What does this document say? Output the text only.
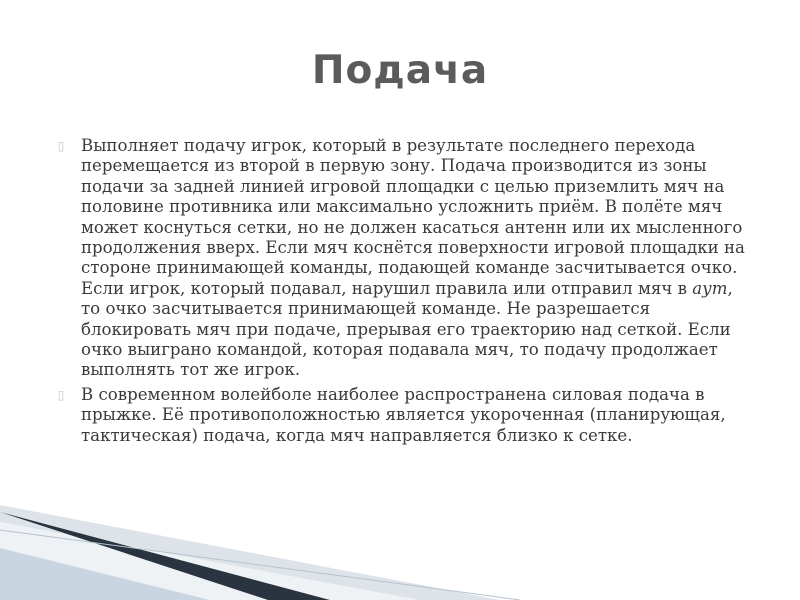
Подача
▯ Выполняет подачу игрок, который в результате последнего перехода перемещается из второй в первую зону. Подача производится из зоны подачи за задней линией игровой площадки с целью приземлить мяч на половине противника или максимально усложнить приём. В полёте мяч может коснуться сетки, но не должен касаться антенн или их мысленного продолжения вверх. Если мяч коснётся поверхности игровой площадки на стороне принимающей команды, подающей команде засчитывается очко. Если игрок, который подавал, нарушил правила или отправил мяч в аут, то очко засчитывается принимающей команде. Не разрешается блокировать мяч при подаче, прерывая его траекторию над сеткой. Если очко выиграно командой, которая подавала мяч, то подачу продолжает выполнять тот же игрок.
▯ В современном волейболе наиболее распространена силовая подача в прыжке. Её противоположностью является укороченная (планирующая, тактическая) подача, когда мяч направляется близко к сетке.
